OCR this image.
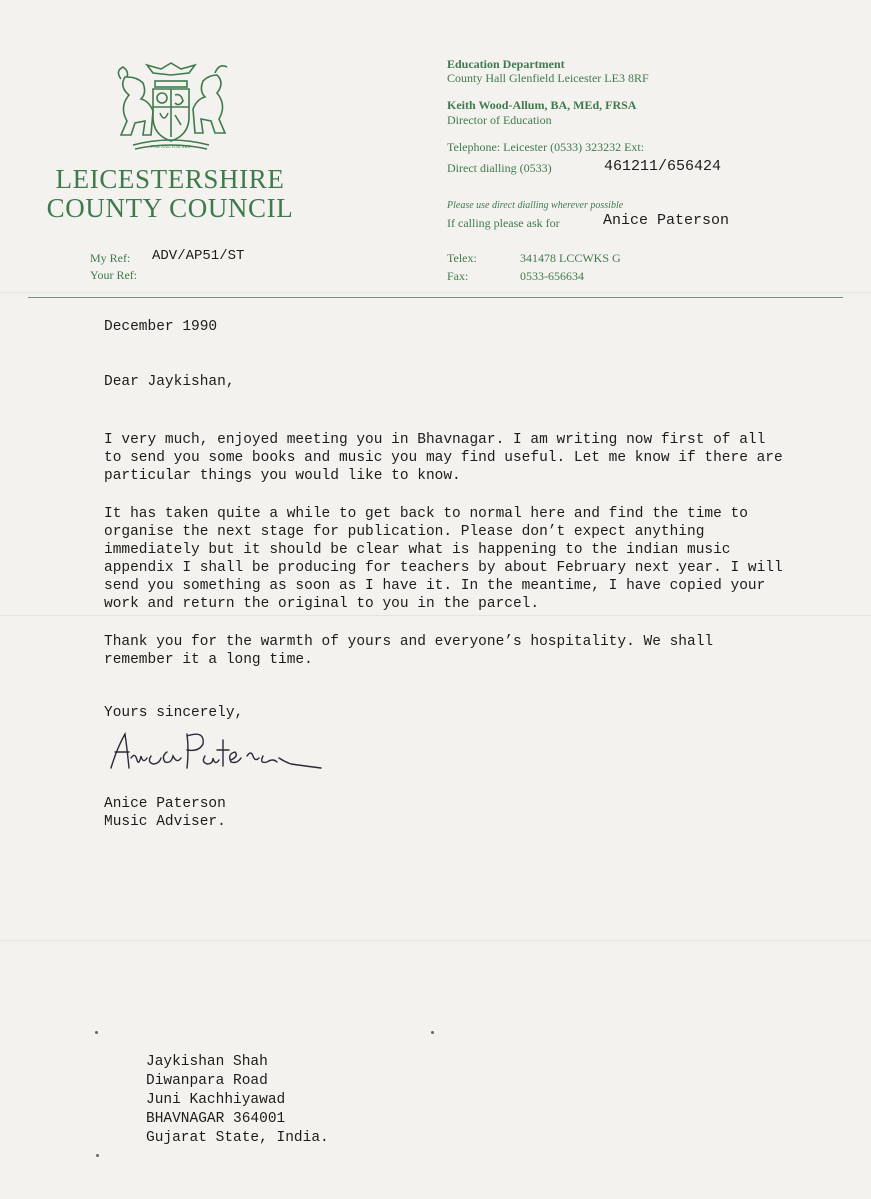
FOR AND FOR ARD
LEICESTERSHIRE
COUNTY COUNCIL
Education Department
County Hall Glenfield Leicester LE3 8RF
Keith Wood-Allum, BA, MEd, FRSA
Director of Education
Telephone: Leicester (0533) 323232 Ext:
Direct dialling (0533)	461211/656424
Please use direct dialling wherever possible
If calling please ask for	Anice Paterson
Telex:	341478 LCCWKS G
Fax:	0533-656634
My Ref: ADV/AP51/ST
Your Ref:
December 1990
Dear Jaykishan,

I very much, enjoyed meeting you in Bhavnagar. I am writing now first of all
to send you some books and music you may find useful. Let me know if there are
particular things you would like to know.

It has taken quite a while to get back to normal here and find the time to
organise the next stage for publication. Please don’t expect anything
immediately but it should be clear what is happening to the indian music
appendix I shall be producing for teachers by about February next year. I will
send you something as soon as I have it. In the meantime, I have copied your
work and return the original to you in the parcel.

Thank you for the warmth of yours and everyone’s hospitality. We shall
remember it a long time.

Yours sincerely,
Anice Paterson
Music Adviser.
Jaykishan Shah
Diwanpara Road
Juni Kachhiyawad
BHAVNAGAR 364001
Gujarat State, India.
